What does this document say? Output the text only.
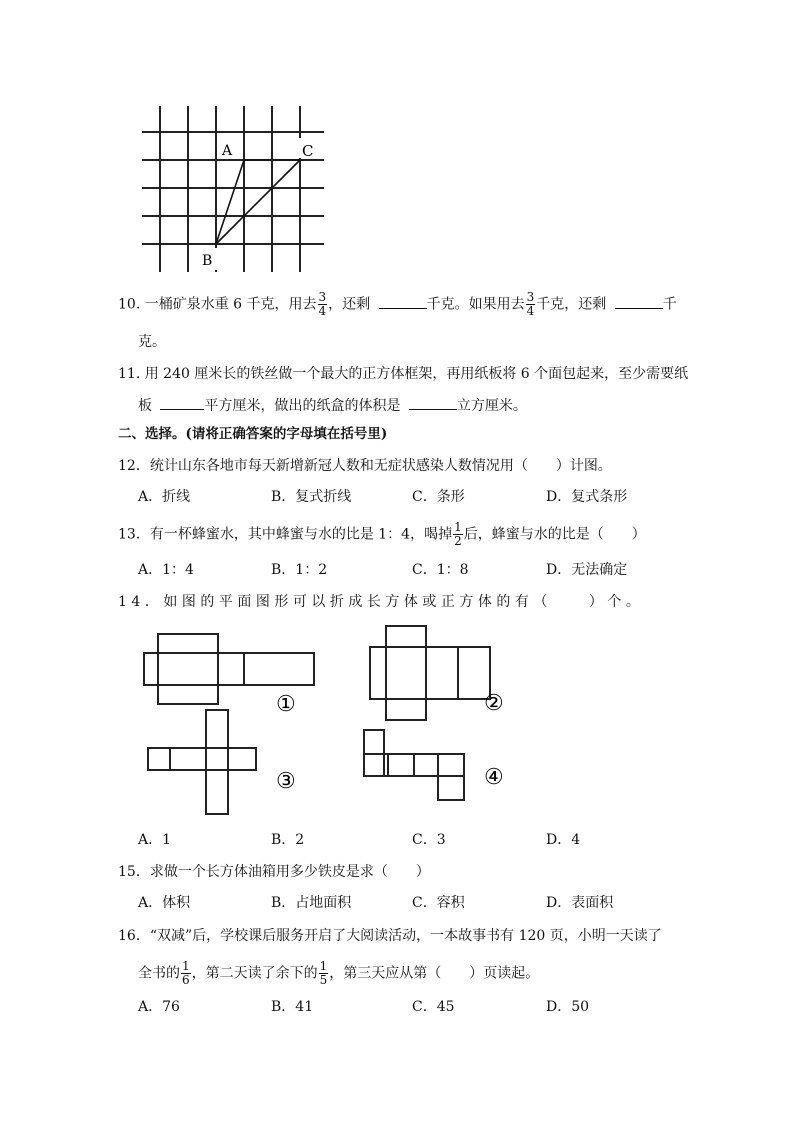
A	C
B
10. 一桶矿泉水重 6 千克，用去 $\frac{3}{4}$ ，还剩	千克。如果用去 $\frac{3}{4}$ 千克，还剩	千
克。
11. 用 240 厘米长的铁丝做一个最大的正方体框架，再用纸板将 6 个面包起来，至少需要纸
板	平方厘米，做出的纸盒的体积是	立方厘米。
二、选择。(请将正确答案的字母填在括号里)
12．统计山东各地市每天新增新冠人数和无症状感染人数情况用（　　）计图。
A．折线	B．复式折线	C．条形	D．复式条形
13．有一杯蜂蜜水，其中蜂蜜与水的比是 1：4，喝掉 $\frac{1}{2}$ 后，蜂蜜与水的比是（　　）
A．1：4	B．1：2	C．1：8	D．无法确定
14．如图的平面图形可以折成长方体或正方体的有（　　）个。
①	②
③	④
A．1	B．2	C．3	D．4
15．求做一个长方体油箱用多少铁皮是求（　　）
A．体积	B．占地面积	C．容积	D．表面积
16．“双减”后，学校课后服务开启了大阅读活动，一本故事书有 120 页，小明一天读了
全书的 $\frac{1}{6}$ ，第二天读了余下的 $\frac{1}{5}$ ，第三天应从第（　　）页读起。
A．76	B．41	C．45	D．50
